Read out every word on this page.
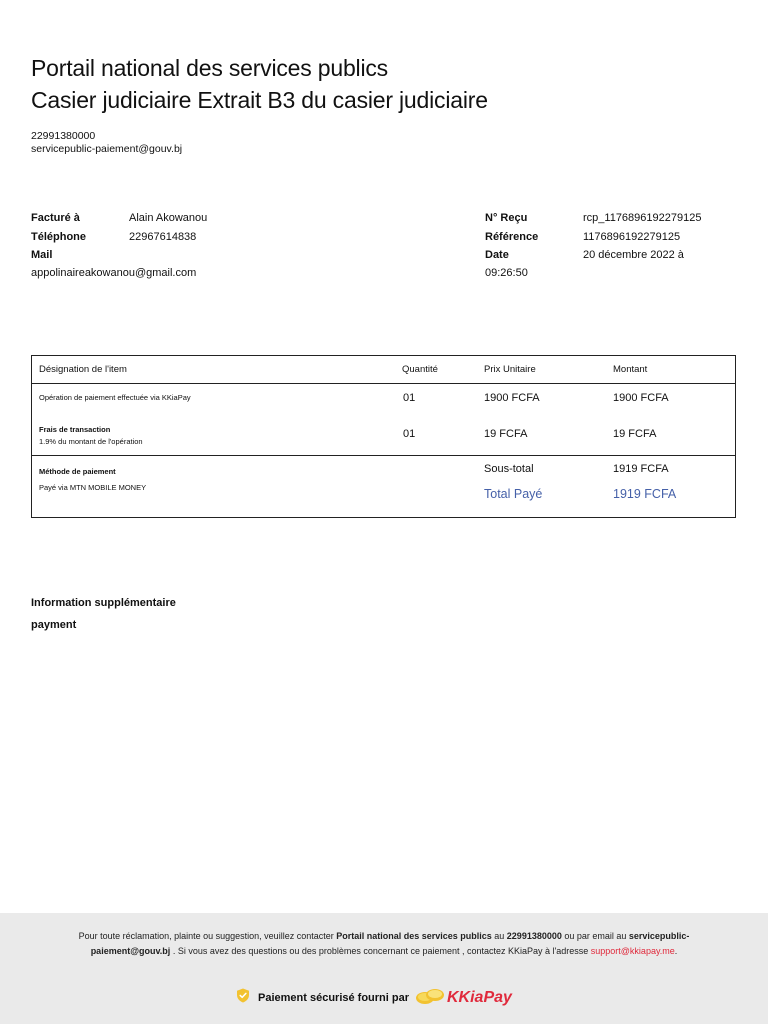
Portail national des services publics
Casier judiciaire Extrait B3 du casier judiciaire
22991380000
servicepublic-paiement@gouv.bj
Facturé à	Alain Akowanou
Téléphone	22967614838
Mail
appolinaireakowanou@gmail.com
N° Reçu	rcp_1176896192279125
Référence	1176896192279125
Date	20 décembre 2022 à
09:26:50
Désignation de l'item	Quantité	Prix Unitaire	Montant
Opération de paiement effectuée via KKiaPay	01	1900 FCFA	1900 FCFA
Frais de transaction
1.9% du montant de l'opération
01	19 FCFA	19 FCFA
Méthode de paiement
Payé via MTN MOBILE MONEY
Sous-total	1919 FCFA
Total Payé	1919 FCFA
Information supplémentaire
payment
Pour toute réclamation, plainte ou suggestion, veuillez contacter Portail national des services publics au 22991380000 ou par email au servicepublic-paiement@gouv.bj . Si vous avez des questions ou des problèmes concernant ce paiement , contactez KKiaPay à l'adresse support@kkiapay.me.
Paiement sécurisé fourni par KKiaPay
